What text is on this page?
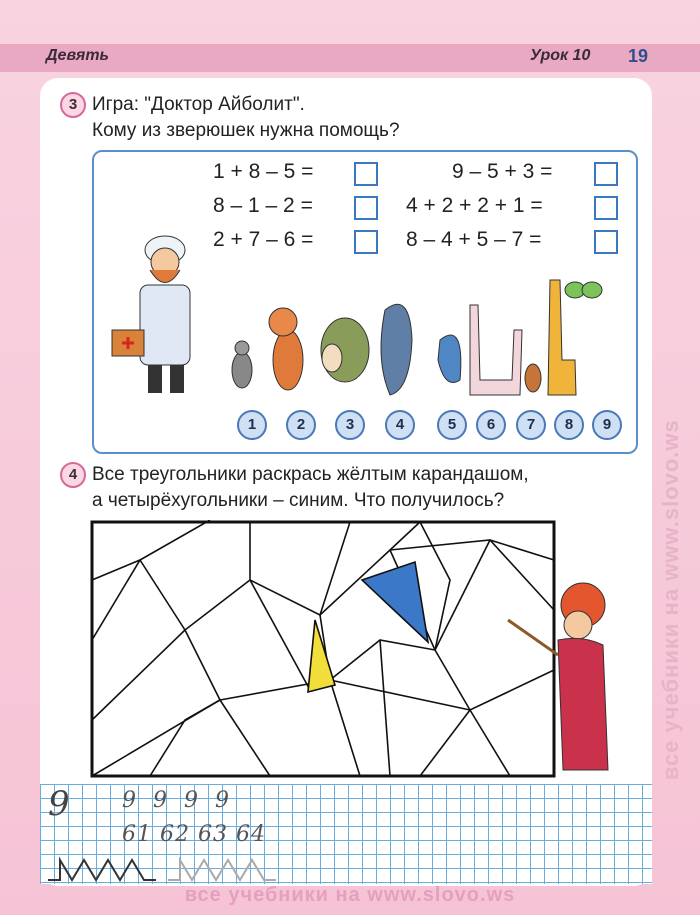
Девять	Урок 10 19
3 Игра: "Доктор Айболит".
Кому из зверюшек нужна помощь?
1 + 8 – 5 =
8 – 1 – 2 =
2 + 7 – 6 =
9 – 5 + 3 =
4 + 2 + 2 + 1 =
8 – 4 + 5 – 7 =
1	2	3	4	5	6	7	8	9
4 Все треугольники раскрась жёлтым карандашом,
а четырёхугольники – синим. Что получилось?
9 9  9  9  9
61 62 63 64
все учебники на www.slovo.ws
все учебники на www.slovo.ws
